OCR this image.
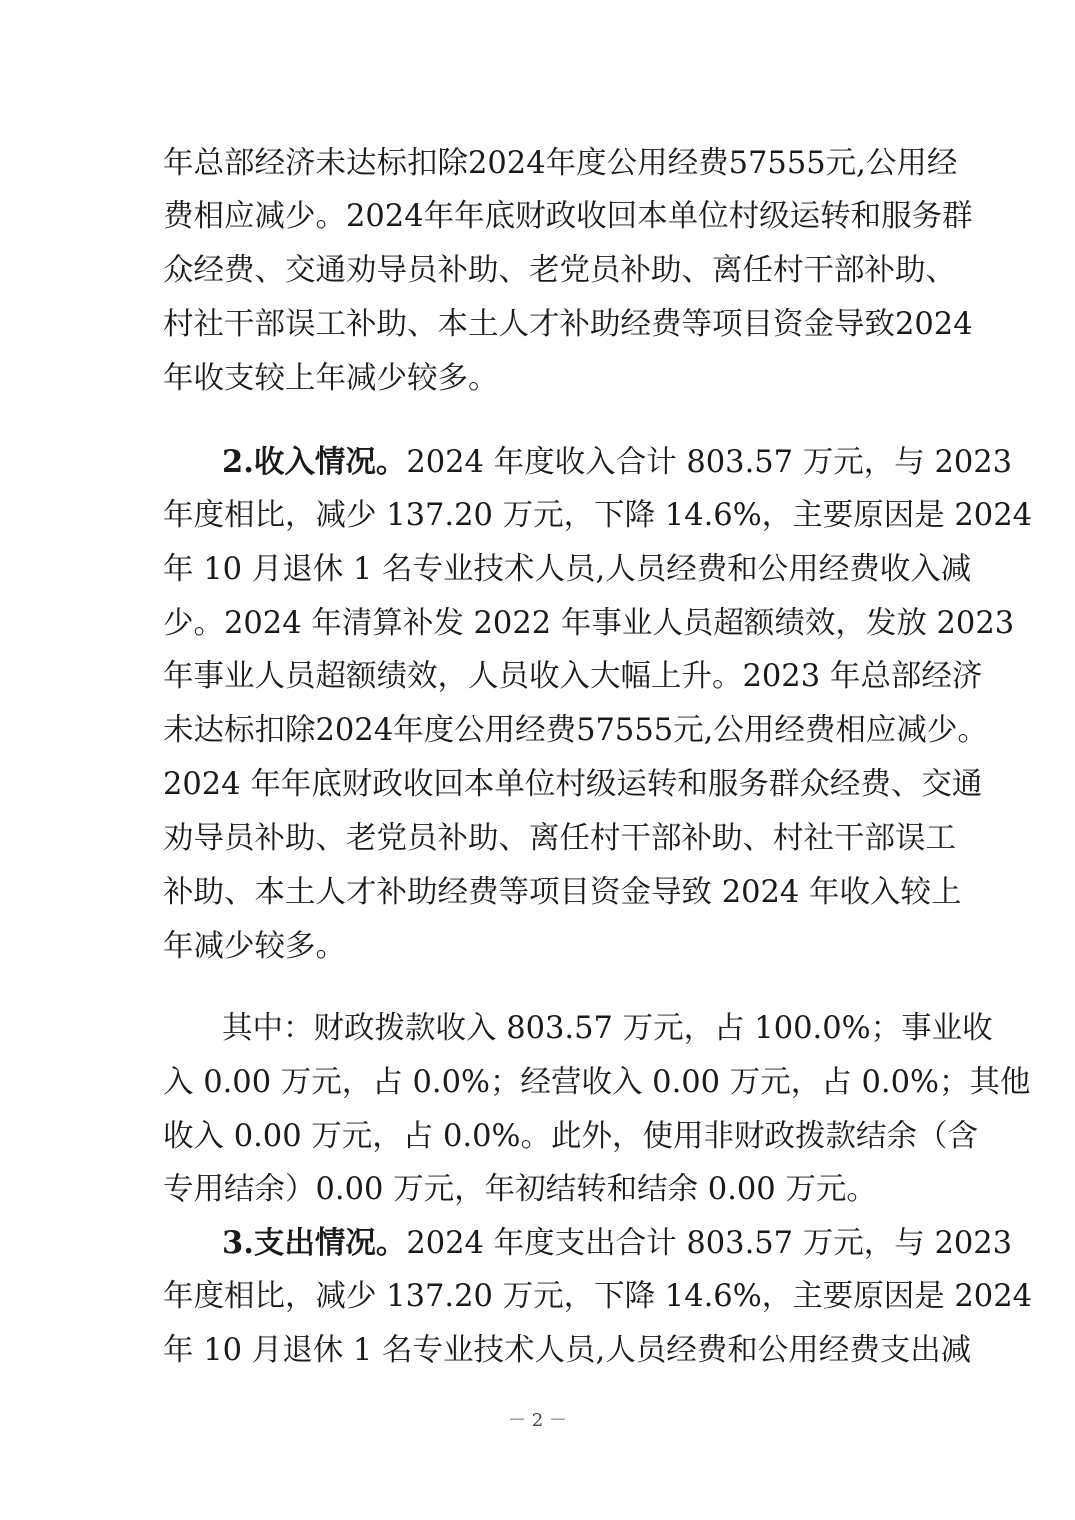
年总部经济未达标扣除2024年度公用经费57555元,公用经
费相应减少。2024年年底财政收回本单位村级运转和服务群
众经费、交通劝导员补助、老党员补助、离任村干部补助、
村社干部误工补助、本土人才补助经费等项目资金导致2024
年收支较上年减少较多。
2.收入情况。2024 年度收入合计 803.57 万元，与 2023
年度相比，减少 137.20 万元，下降 14.6%，主要原因是 2024
年 10 月退休 1 名专业技术人员,人员经费和公用经费收入减
少。2024 年清算补发 2022 年事业人员超额绩效，发放 2023
年事业人员超额绩效，人员收入大幅上升。2023 年总部经济
未达标扣除2024年度公用经费57555元,公用经费相应减少。
2024 年年底财政收回本单位村级运转和服务群众经费、交通
劝导员补助、老党员补助、离任村干部补助、村社干部误工
补助、本土人才补助经费等项目资金导致 2024 年收入较上
年减少较多。
其中：财政拨款收入 803.57 万元，占 100.0%；事业收
入 0.00 万元，占 0.0%；经营收入 0.00 万元，占 0.0%；其他
收入 0.00 万元，占 0.0%。此外，使用非财政拨款结余（含
专用结余）0.00 万元，年初结转和结余 0.00 万元。
3.支出情况。2024 年度支出合计 803.57 万元，与 2023
年度相比，减少 137.20 万元，下降 14.6%，主要原因是 2024
年 10 月退休 1 名专业技术人员,人员经费和公用经费支出减
－ 2 －
